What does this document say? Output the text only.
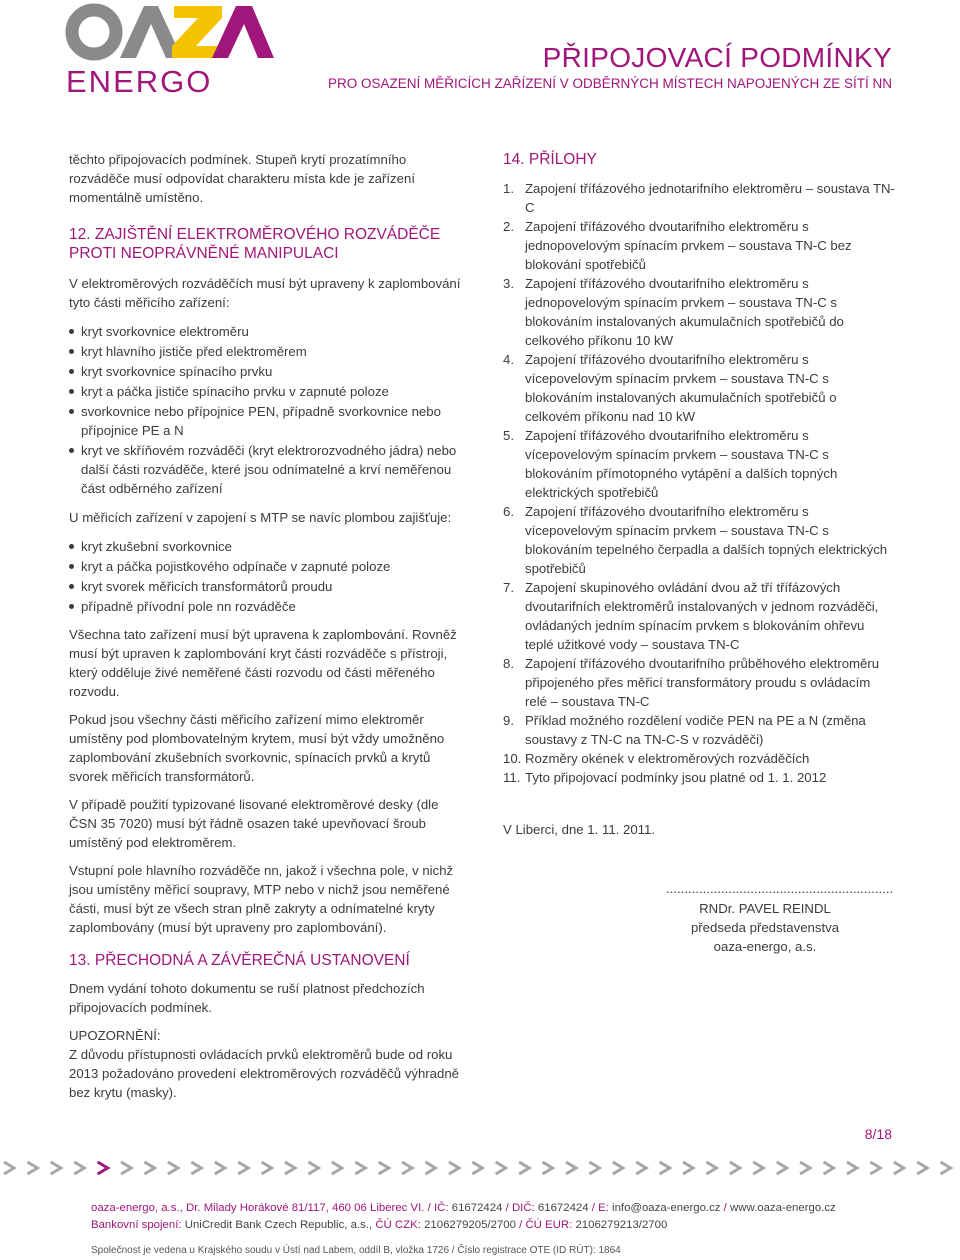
ENERGO
PŘIPOJOVACÍ PODMÍNKY
PRO OSAZENÍ MĚŘICÍCH ZAŘÍZENÍ V ODBĚRNÝCH MÍSTECH NAPOJENÝCH ZE SÍTÍ NN

těchto připojovacích podmínek. Stupeň krytí prozatímního rozváděče musí odpovídat charakteru místa kde je zařízení momentálně umístěno.

12. ZAJIŠTĚNÍ ELEKTROMĚROVÉHO ROZVÁDĚČE
PROTI NEOPRÁVNĚNÉ MANIPULACI

V elektroměrových rozváděčích musí být upraveny k zaplombování tyto části měřicího zařízení:

kryt svorkovnice elektroměru
kryt hlavního jističe před elektroměrem
kryt svorkovnice spínacího prvku
kryt a páčka jističe spínacího prvku v zapnuté poloze
svorkovnice nebo přípojnice PEN, případně svorkovnice nebo přípojnice PE a N
kryt ve skříňovém rozváděči (kryt elektrorozvodného jádra) nebo další části rozváděče, které jsou odnímatelné a krví neměřenou část odběrného zařízení

U měřicích zařízení v zapojení s MTP se navíc plombou zajišťuje:

kryt zkušební svorkovnice
kryt a páčka pojistkového odpínače v zapnuté poloze
kryt svorek měřicích transformátorů proudu
případně přívodní pole nn rozváděče

Všechna tato zařízení musí být upravena k zaplombování. Rovněž musí být upraven k zaplombování kryt části rozváděče s přístroji, který odděluje živé neměřené části rozvodu od části měřeného rozvodu.

Pokud jsou všechny části měřicího zařízení mimo elektroměr umístěny pod plombovatelným krytem, musí být vždy umožněno zaplombování zkušebních svorkovnic, spínacích prvků a krytů svorek měřicích transformátorů.

V případě použití typizované lisované elektroměrové desky (dle ČSN 35 7020) musí být řádně osazen také upevňovací šroub umístěný pod elektroměrem.

Vstupní pole hlavního rozváděče nn, jakož i všechna pole, v nichž jsou umístěny měřicí soupravy, MTP nebo v nichž jsou neměřené části, musí být ze všech stran plně zakryty a odnímatelné kryty zaplombovány (musí být upraveny pro zaplombování).

13. PŘECHODNÁ A ZÁVĚREČNÁ USTANOVENÍ

Dnem vydání tohoto dokumentu se ruší platnost předchozích připojovacích podmínek.

UPOZORNĚNÍ:

Z důvodu přístupnosti ovládacích prvků elektroměrů bude od roku 2013 požadováno provedení elektroměrových rozváděčů výhradně bez krytu (masky).

14. PŘÍLOHY
1. Zapojení třífázového jednotarifního elektroměru – soustava TN-C
2. Zapojení třífázového dvoutarifního elektroměru s jednopovelovým spínacím prvkem – soustava TN-C bez blokování spotřebičů
3. Zapojení třífázového dvoutarifního elektroměru s jednopovelovým spínacím prvkem – soustava TN-C s blokováním instalovaných akumulačních spotřebičů do celkového příkonu 10 kW
4. Zapojení třífázového dvoutarifního elektroměru s vícepovelovým spínacím prvkem – soustava TN-C s blokováním instalovaných akumulačních spotřebičů o celkovém příkonu nad 10 kW
5. Zapojení třífázového dvoutarifního elektroměru s vícepovelovým spínacím prvkem – soustava TN-C s blokováním přímotopného vytápění a dalších topných elektrických spotřebičů
6. Zapojení třífázového dvoutarifního elektroměru s vícepovelovým spínacím prvkem – soustava TN-C s blokováním tepelného čerpadla a dalších topných elektrických spotřebičů
7. Zapojení skupinového ovládání dvou až tří třífázových dvoutarifních elektroměrů instalovaných v jednom rozváděči, ovládaných jedním spínacím prvkem s blokováním ohřevu teplé užitkové vody – soustava TN-C
8. Zapojení třífázového dvoutarifního průběhového elektroměru připojeného přes měřicí transformátory proudu s ovládacím relé – soustava TN-C
9. Příklad možného rozdělení vodiče PEN na PE a N (změna soustavy z TN-C na TN-C-S v rozváděči)
10. Rozměry okének v elektroměrových rozváděčích
11. Tyto připojovací podmínky jsou platné od 1. 1. 2012

V Liberci, dne 1. 11. 2011.

..............................................................
RNDr. PAVEL REINDL
předseda představenstva
oaza-energo, a.s.
8/18
oaza-energo, a.s., Dr. Milady Horákové 81/117, 460 06 Liberec VI. / IČ: 61672424 / DIČ: 61672424 / E: info@oaza-energo.cz / www.oaza-energo.cz
Bankovní spojení: UniCredit Bank Czech Republic, a.s., ČÚ CZK: 2106279205/2700 / ČÚ EUR: 2106279213/2700
Společnost je vedena u Krajského soudu v Ústí nad Labem, oddíl B, vložka 1726 / Číslo registrace OTE (ID RÚT): 1864
